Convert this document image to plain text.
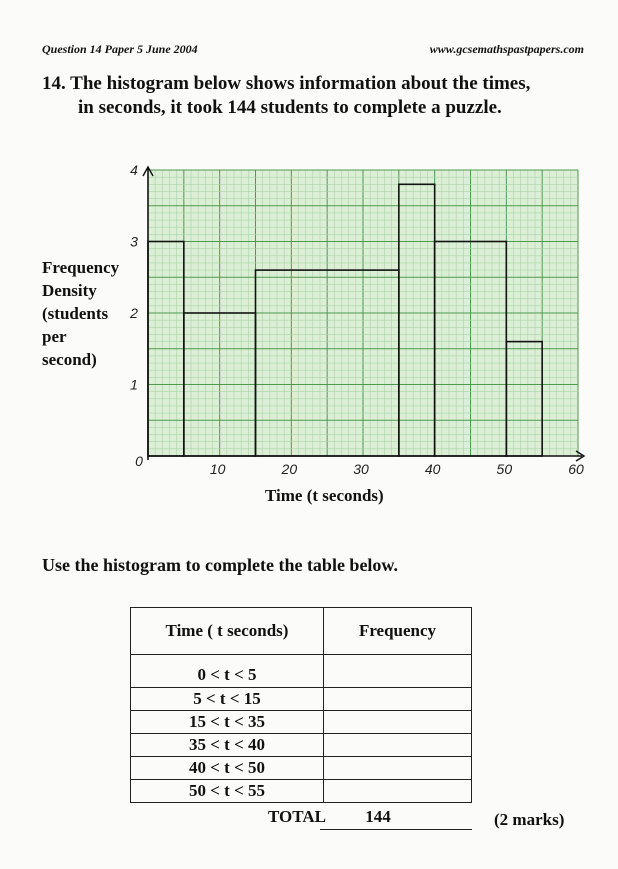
Question 14 Paper 5 June 2004	www.gcsemathspastpapers.com
14. The histogram below shows information about the times,
in seconds, it took 144 students to complete a puzzle.
0	10	20	30	40	50	60
1
2
3
4
Frequency
Density
(students
per
second)
Time (t seconds)
Use the histogram to complete the table below.
Time ( t seconds)	Frequency
0 < t < 5	
5 < t < 15	
15 < t < 35	
35 < t < 40	
40 < t < 50	
50 < t < 55	
TOTAL 144	(2 marks)
